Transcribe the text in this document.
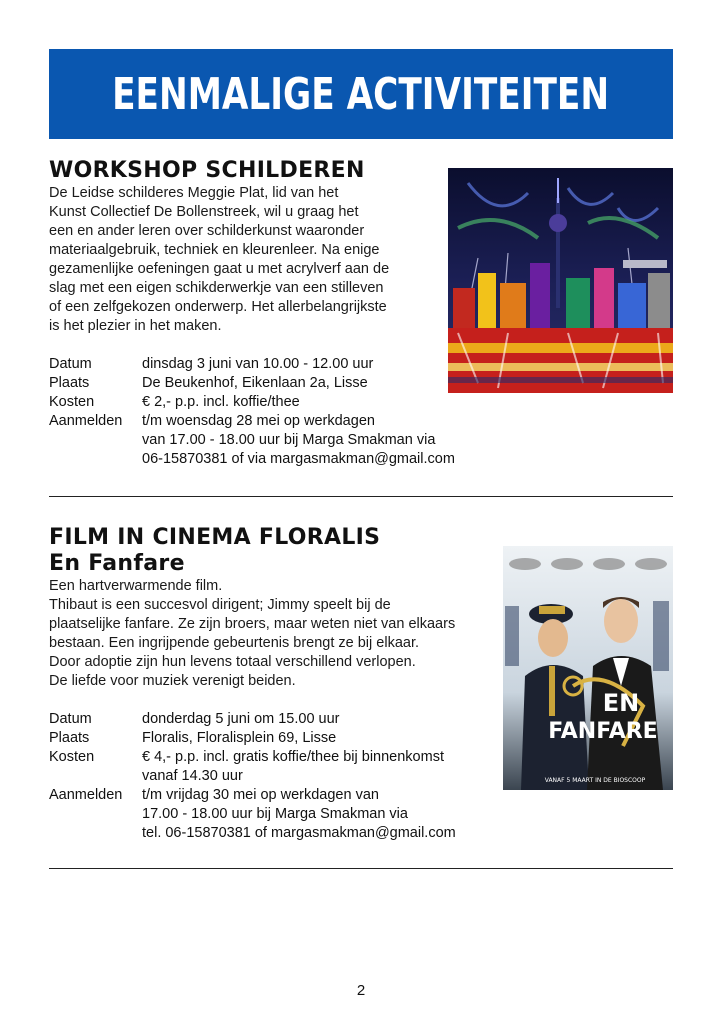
EENMALIGE ACTIVITEITEN
WORKSHOP SCHILDEREN

De Leidse schilderes Meggie Plat, lid van het

Kunst Collectief De Bollenstreek, wil u graag het

een en ander leren over schilderkunst waaronder

materiaalgebruik, techniek en kleurenleer. Na enige

gezamenlijke oefeningen gaat u met acrylverf aan de

slag met een eigen schikderwerkje van een stilleven

of een zelfgekozen onderwerp. Het allerbelangrijkste

is het plezier in het maken.

Datum	dinsdag 3 juni van 10.00 - 12.00 uur
Plaats	De Beukenhof, Eikenlaan 2a, Lisse
Kosten	€ 2,- p.p. incl. koffie/thee
Aanmelden	t/m woensdag 28 mei op werkdagen
van 17.00 - 18.00 uur bij Marga Smakman via
06-15870381 of via margasmakman@gmail.com
FILM IN CINEMA FLORALIS
En Fanfare

Een hartverwarmende film.

Thibaut is een succesvol dirigent; Jimmy speelt bij de

plaatselijke fanfare. Ze zijn broers, maar weten niet van elkaars

bestaan. Een ingrijpende gebeurtenis brengt ze bij elkaar.

Door adoptie zijn hun levens totaal verschillend verlopen.

De liefde voor muziek verenigt beiden.

Datum	donderdag 5 juni om 15.00 uur
Plaats	Floralis, Floralisplein 69, Lisse
Kosten	€ 4,- p.p. incl. gratis koffie/thee bij binnenkomst
vanaf 14.30 uur
Aanmelden	t/m vrijdag 30 mei op werkdagen van
17.00 - 18.00 uur bij Marga Smakman via
tel. 06-15870381 of margasmakman@gmail.com
EN
FANFARE
VANAF 5 MAART IN DE BIOSCOOP
2
